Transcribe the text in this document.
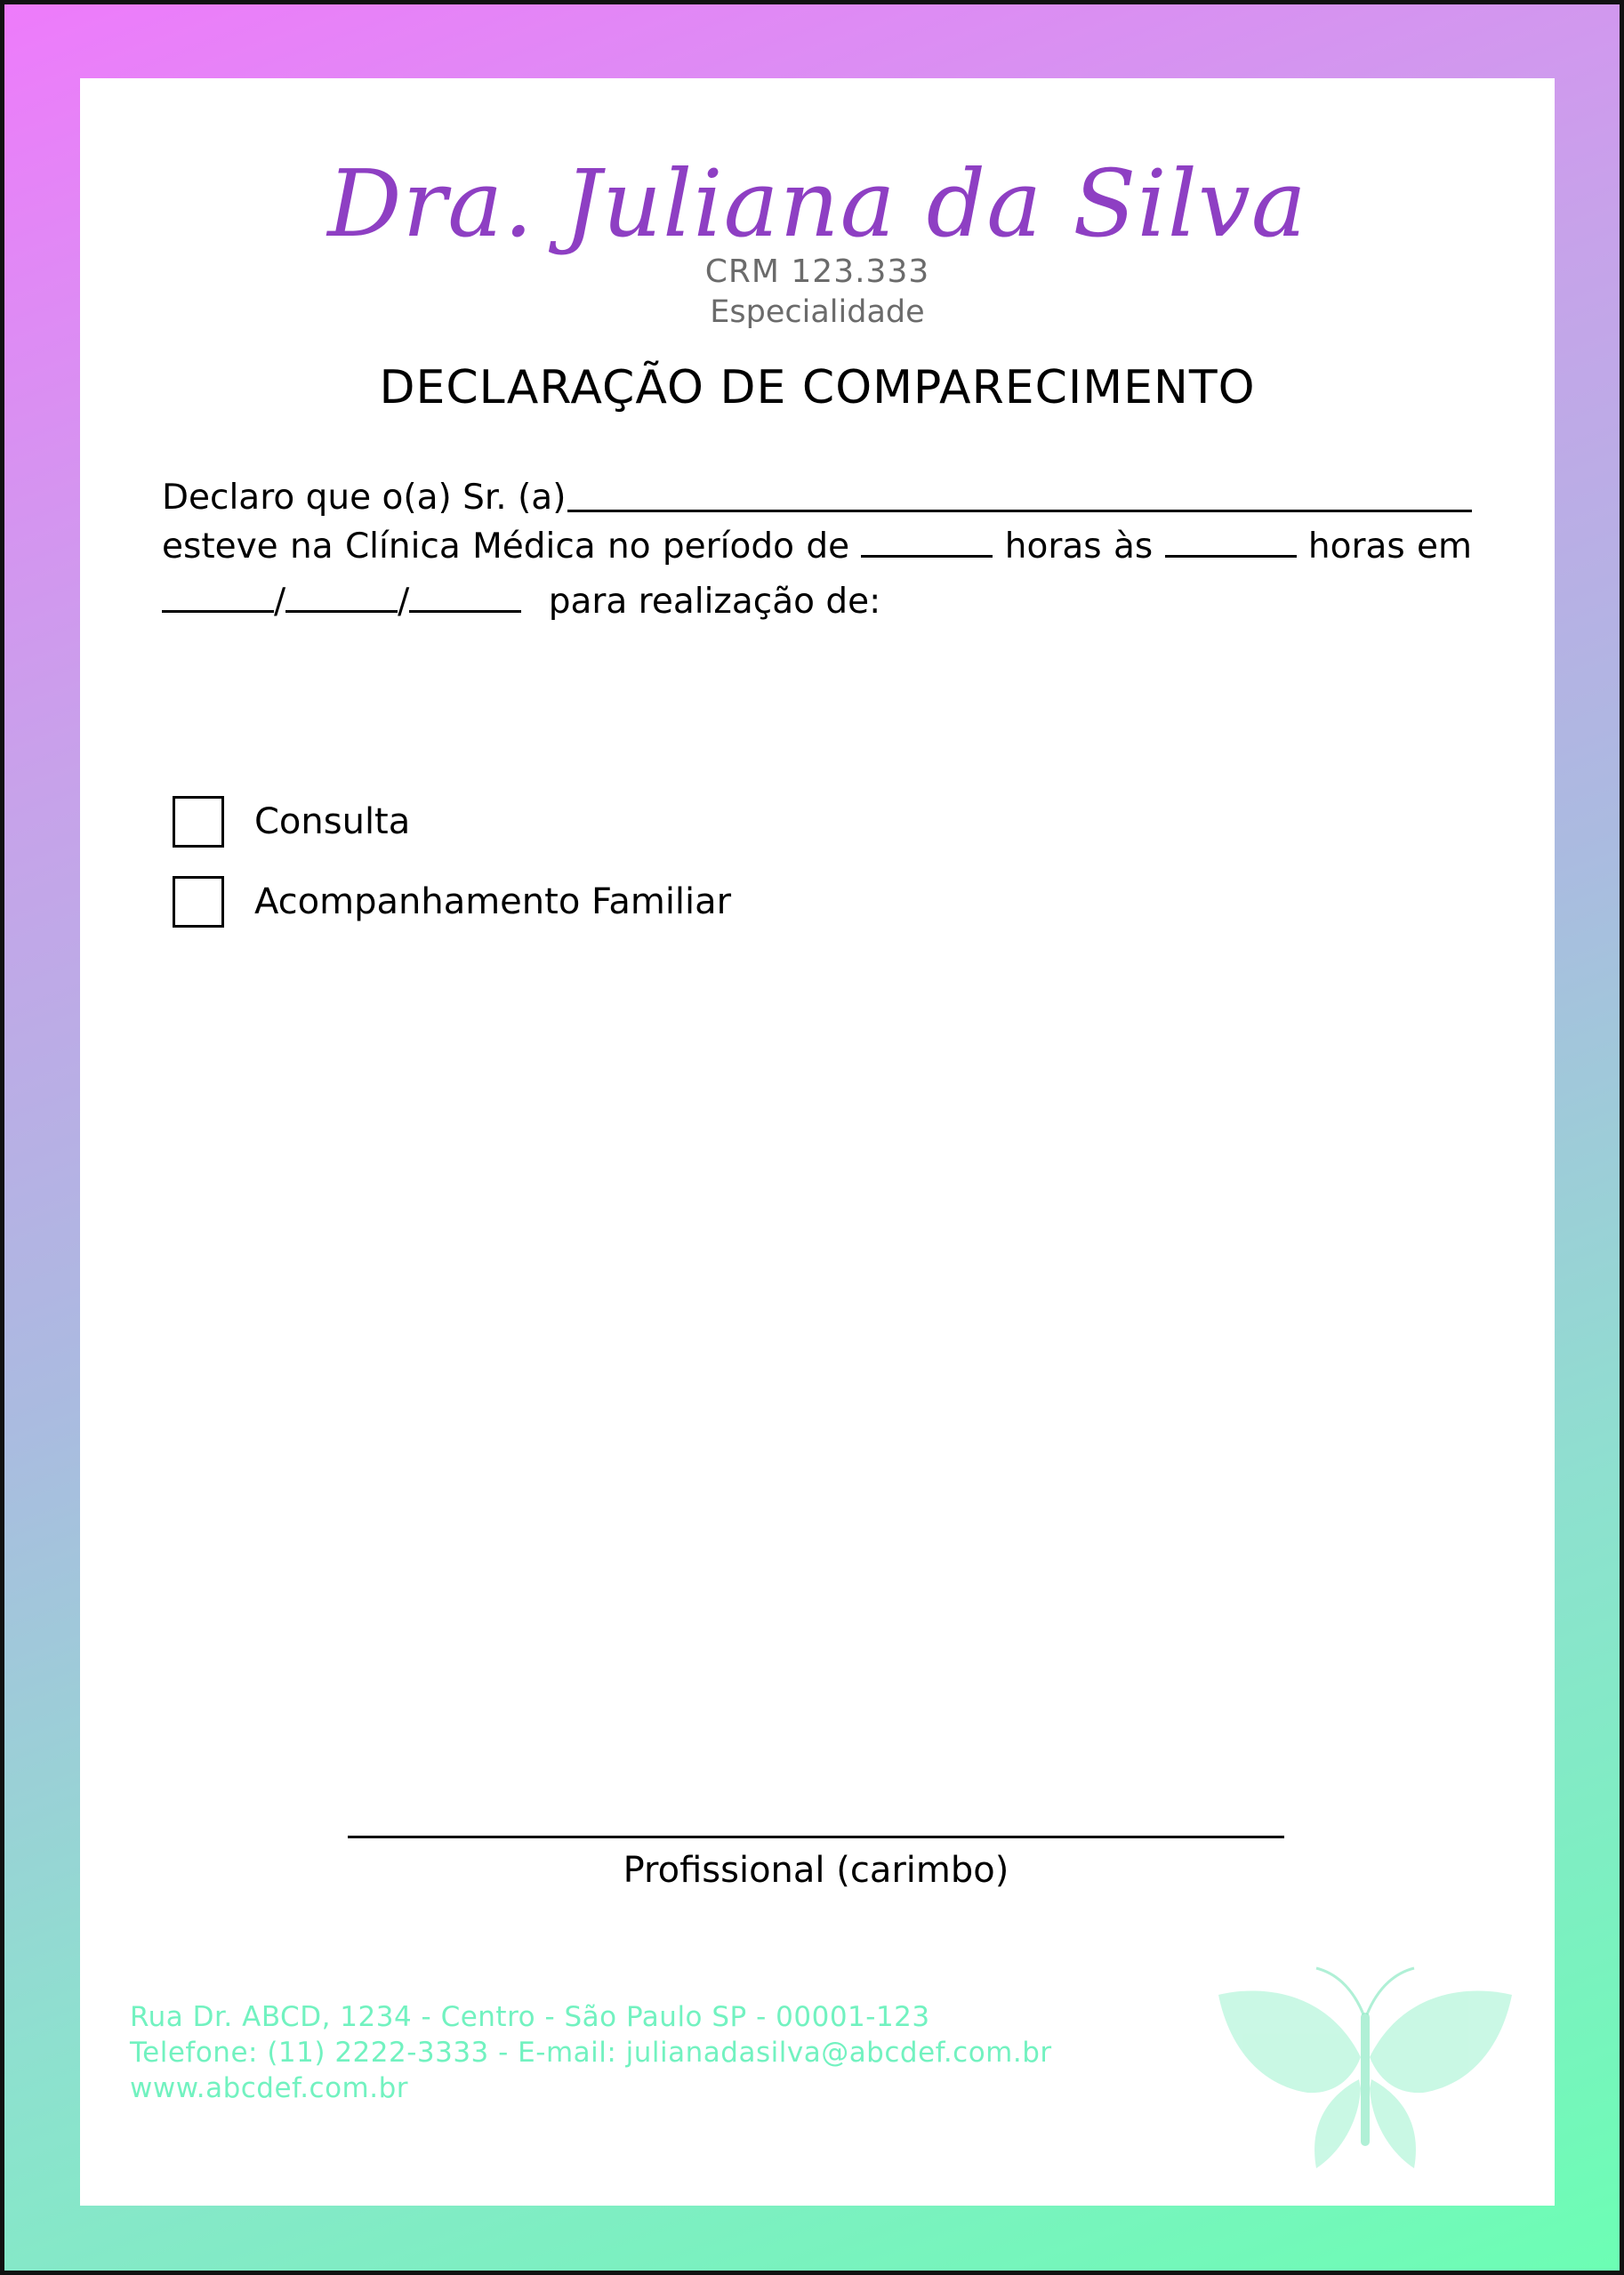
Dra. Juliana da Silva
CRM 123.333
Especialidade
DECLARAÇÃO DE COMPARECIMENTO
Declaro que o(a) Sr. (a)
esteve na Clínica Médica no período de	horas às	horas em
/	/	para realização de:
Consulta
Acompanhamento Familiar
Profissional (carimbo)
Rua Dr. ABCD, 1234 - Centro - São Paulo SP - 00001-123
Telefone: (11) 2222-3333 - E-mail: julianadasilva@abcdef.com.br
www.abcdef.com.br
